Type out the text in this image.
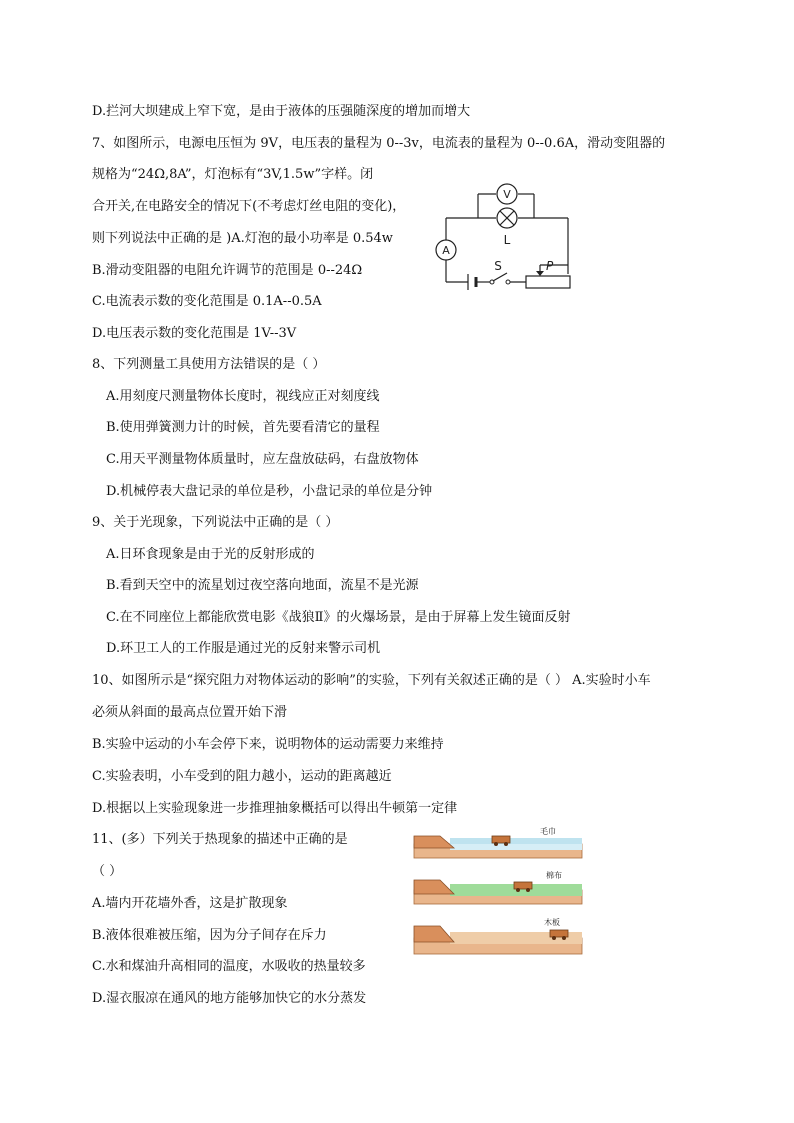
D.拦河大坝建成上窄下宽，是由于液体的压强随深度的增加而增大
7、如图所示，电源电压恒为 9V，电压表的量程为 0--3v，电流表的量程为 0--0.6A，滑动变阻器的
规格为“24Ω,8A”，灯泡标有“3V,1.5w”字样。闭
合开关,在电路安全的情况下(不考虑灯丝电阻的变化)，
则下列说法中正确的是 )A.灯泡的最小功率是 0.54w
B.滑动变阻器的电阻允许调节的范围是 0--24Ω
C.电流表示数的变化范围是 0.1A--0.5A
D.电压表示数的变化范围是 1V--3V
8、下列测量工具使用方法错误的是（ ）
A.用刻度尺测量物体长度时，视线应正对刻度线
B.使用弹簧测力计的时候，首先要看清它的量程
C.用天平测量物体质量时，应左盘放砝码，右盘放物体
D.机械停表大盘记录的单位是秒，小盘记录的单位是分钟
9、关于光现象，下列说法中正确的是（ ）
A.日环食现象是由于光的反射形成的
B.看到天空中的流星划过夜空落向地面，流星不是光源
C.在不同座位上都能欣赏电影《战狼Ⅱ》的火爆场景，是由于屏幕上发生镜面反射
D.环卫工人的工作服是通过光的反射来警示司机
10、如图所示是“探究阻力对物体运动的影响”的实验，下列有关叙述正确的是（ ） A.实验时小车
必须从斜面的最高点位置开始下滑
B.实验中运动的小车会停下来，说明物体的运动需要力来维持
C.实验表明，小车受到的阻力越小，运动的距离越近
D.根据以上实验现象进一步推理抽象概括可以得出牛顿第一定律
11、(多）下列关于热现象的描述中正确的是
（ ）
A.墙内开花墙外香，这是扩散现象
B.液体很难被压缩，因为分子间存在斥力
C.水和煤油升高相同的温度，水吸收的热量较多
D.湿衣服凉在通风的地方能够加快它的水分蒸发
V
L
A
S	P
毛巾
棉布
木板
